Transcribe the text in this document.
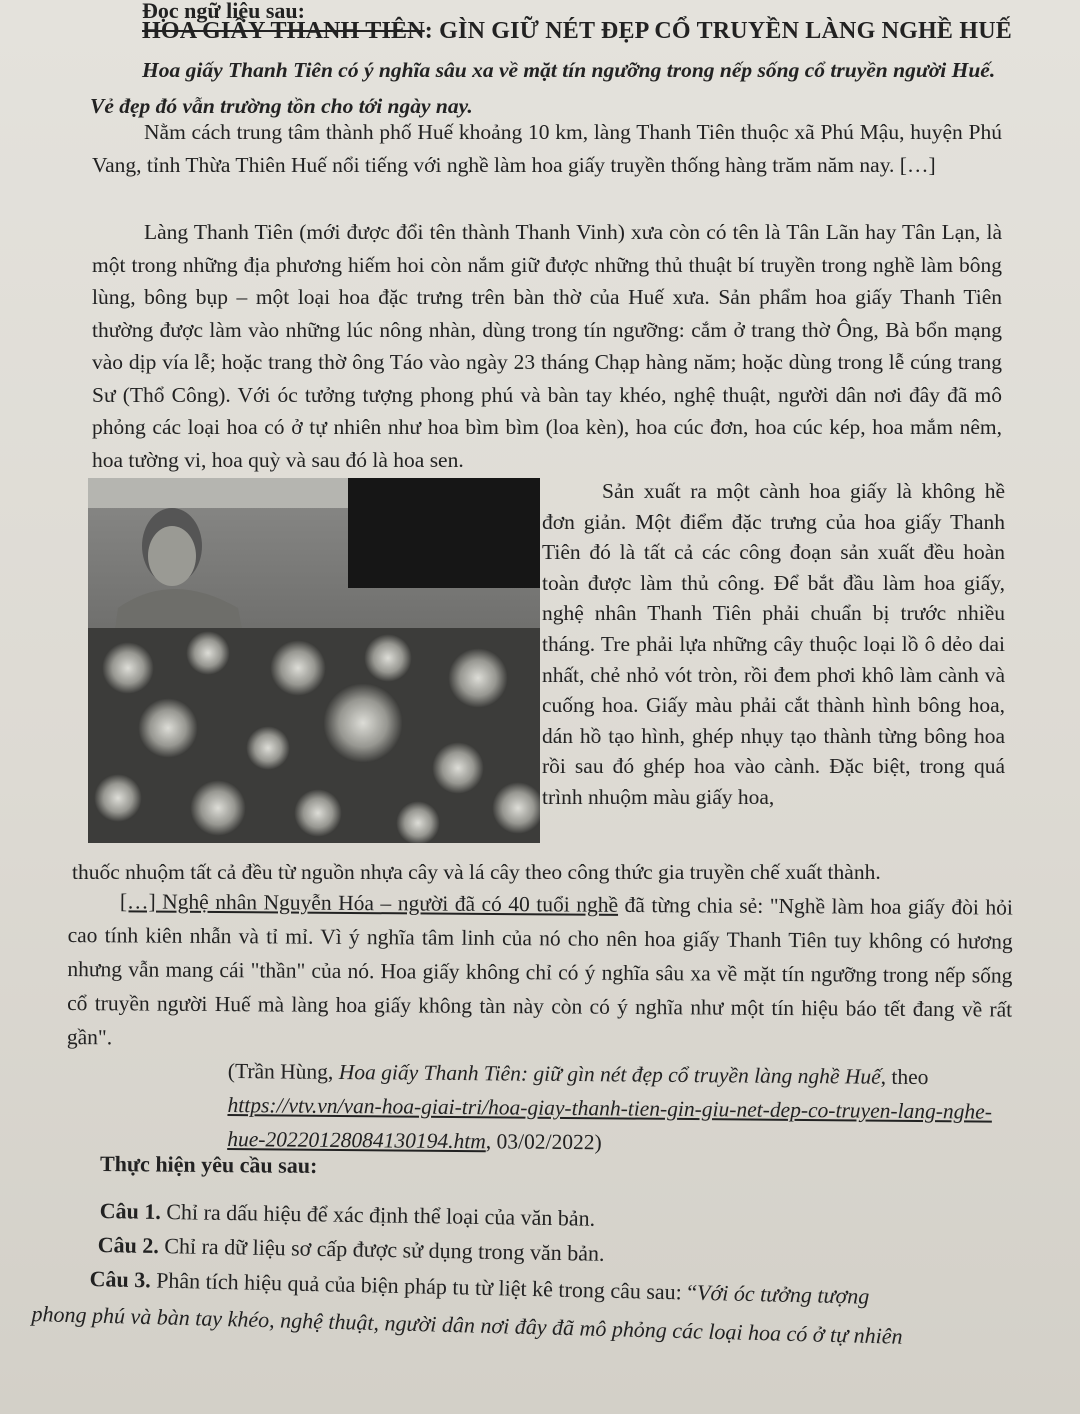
Đọc ngữ liệu sau:
HOA GIẤY THANH TIÊN: GÌN GIỮ NÉT ĐẸP CỔ TRUYỀN LÀNG NGHỀ HUẾ
Hoa giấy Thanh Tiên có ý nghĩa sâu xa về mặt tín ngưỡng trong nếp sống cổ truyền người Huế. Vẻ đẹp đó vẫn trường tồn cho tới ngày nay.
Nằm cách trung tâm thành phố Huế khoảng 10 km, làng Thanh Tiên thuộc xã Phú Mậu, huyện Phú Vang, tỉnh Thừa Thiên Huế nổi tiếng với nghề làm hoa giấy truyền thống hàng trăm năm nay. […]
Làng Thanh Tiên (mới được đổi tên thành Thanh Vinh) xưa còn có tên là Tân Lãn hay Tân Lạn, là một trong những địa phương hiếm hoi còn nắm giữ được những thủ thuật bí truyền trong nghề làm bông lùng, bông bụp – một loại hoa đặc trưng trên bàn thờ của Huế xưa. Sản phẩm hoa giấy Thanh Tiên thường được làm vào những lúc nông nhàn, dùng trong tín ngưỡng: cắm ở trang thờ Ông, Bà bổn mạng vào dịp vía lễ; hoặc trang thờ ông Táo vào ngày 23 tháng Chạp hàng năm; hoặc dùng trong lễ cúng trang Sư (Thổ Công). Với óc tưởng tượng phong phú và bàn tay khéo, nghệ thuật, người dân nơi đây đã mô phỏng các loại hoa có ở tự nhiên như hoa bìm bìm (loa kèn), hoa cúc đơn, hoa cúc kép, hoa mắm nêm, hoa tường vi, hoa quỳ và sau đó là hoa sen.
Sản xuất ra một cành hoa giấy là không hề đơn giản. Một điểm đặc trưng của hoa giấy Thanh Tiên đó là tất cả các công đoạn sản xuất đều hoàn toàn được làm thủ công. Để bắt đầu làm hoa giấy, nghệ nhân Thanh Tiên phải chuẩn bị trước nhiều tháng. Tre phải lựa những cây thuộc loại lồ ô dẻo dai nhất, chẻ nhỏ vót tròn, rồi đem phơi khô làm cành và cuống hoa. Giấy màu phải cắt thành hình bông hoa, dán hồ tạo hình, ghép nhụy tạo thành từng bông hoa rồi sau đó ghép hoa vào cành. Đặc biệt, trong quá trình nhuộm màu giấy hoa,
thuốc nhuộm tất cả đều từ nguồn nhựa cây và lá cây theo công thức gia truyền chế xuất thành.
[…] Nghệ nhân Nguyễn Hóa – người đã có 40 tuổi nghề đã từng chia sẻ: "Nghề làm hoa giấy đòi hỏi cao tính kiên nhẫn và tỉ mỉ. Vì ý nghĩa tâm linh của nó cho nên hoa giấy Thanh Tiên tuy không có hương nhưng vẫn mang cái "thần" của nó. Hoa giấy không chỉ có ý nghĩa sâu xa về mặt tín ngưỡng trong nếp sống cổ truyền người Huế mà làng hoa giấy không tàn này còn có ý nghĩa như một tín hiệu báo tết đang về rất gần".
(Trần Hùng, Hoa giấy Thanh Tiên: giữ gìn nét đẹp cổ truyền làng nghề Huế, theo https://vtv.vn/van-hoa-giai-tri/hoa-giay-thanh-tien-gin-giu-net-dep-co-truyen-lang-nghe-hue-20220128084130194.htm, 03/02/2022)
Thực hiện yêu cầu sau:
Câu 1. Chỉ ra dấu hiệu để xác định thể loại của văn bản.
Câu 2. Chỉ ra dữ liệu sơ cấp được sử dụng trong văn bản.
Câu 3. Phân tích hiệu quả của biện pháp tu từ liệt kê trong câu sau: “Với óc tưởng tượng
phong phú và bàn tay khéo, nghệ thuật, người dân nơi đây đã mô phỏng các loại hoa có ở tự nhiên
